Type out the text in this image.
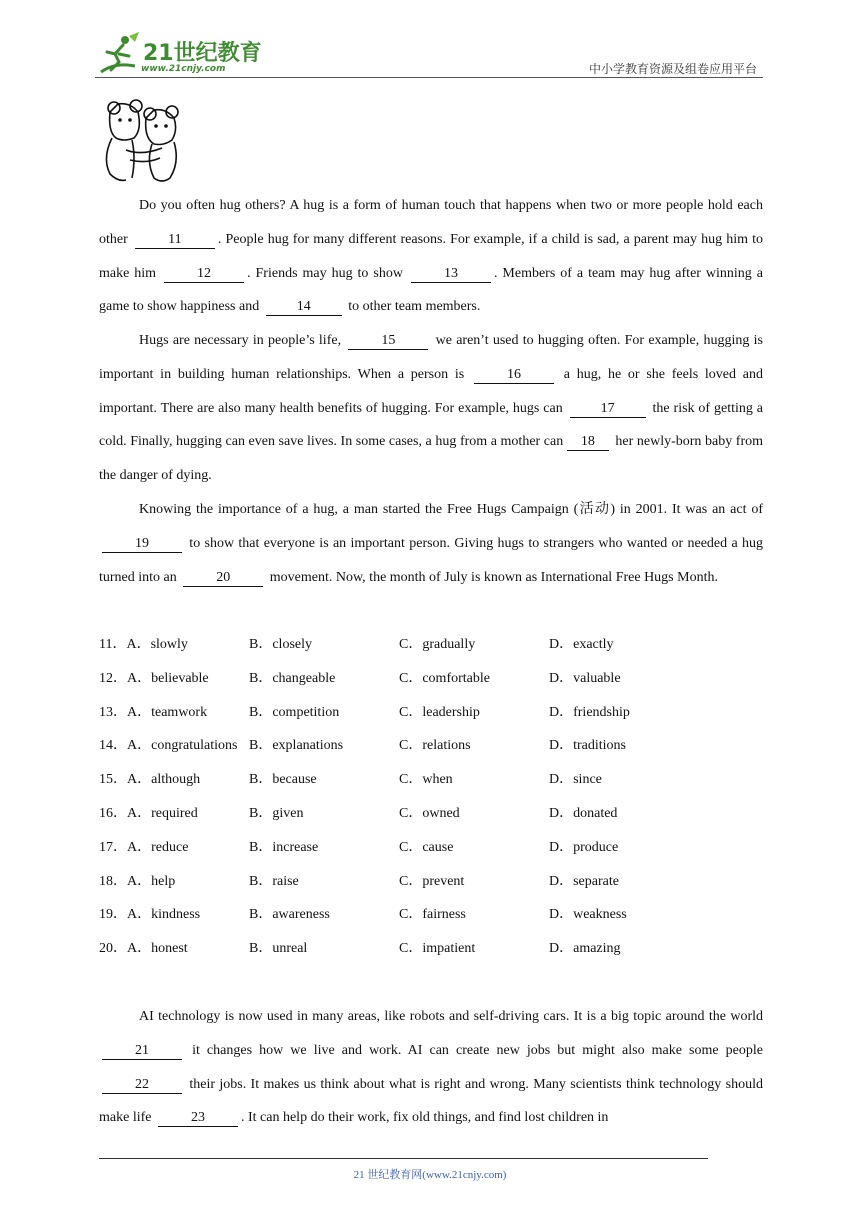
21世纪教育
www.21cnjy.com	中小学教育资源及组卷应用平台
Do you often hug others? A hug is a form of human touch that happens when two or more people hold each other	11	. People hug for many different reasons. For example, if a child is sad, a parent may hug him to make him	12	. Friends may hug to show	13	. Members of a team may hug after winning a game to show happiness and 14 to other team members.
Hugs are necessary in people’s life,	15	we aren’t used to hugging often. For example, hugging is important in building human relationships. When a person is	16	a hug, he or she feels loved and important. There are also many health benefits of hugging. For example, hugs can 17 the risk of getting a cold. Finally, hugging can even save lives. In some cases, a hug from a mother can 18 her newly-born baby from the danger of dying.
Knowing the importance of a hug, a man started the Free Hugs Campaign (活动) in 2001. It was an act of 19	to show that everyone is an important person. Giving hugs to strangers who wanted or needed a hug turned into an	20	movement. Now, the month of July is known as International Free Hugs Month.
11．A．slowly	B．closely	C．gradually	D．exactly
12．A．believable	B．changeable	C．comfortable	D．valuable
13．A．teamwork	B．competition	C．leadership	D．friendship
14．A．congratulations B．explanations	C．relations	D．traditions
15．A．although	B．because	C．when	D．since
16．A．required	B．given	C．owned	D．donated
17．A．reduce	B．increase	C．cause	D．produce
18．A．help	B．raise	C．prevent	D．separate
19．A．kindness	B．awareness	C．fairness	D．weakness
20．A．honest	B．unreal	C．impatient	D．amazing
AI technology is now used in many areas, like robots and self-driving cars. It is a big topic around the world 21	it changes how we live and work. AI can create new jobs but might also make some people 22	their jobs. It makes us think about what is right and wrong. Many scientists think technology should make life	23	. It can help do their work, fix old things, and find lost children in
21 世纪教育网(www.21cnjy.com)
